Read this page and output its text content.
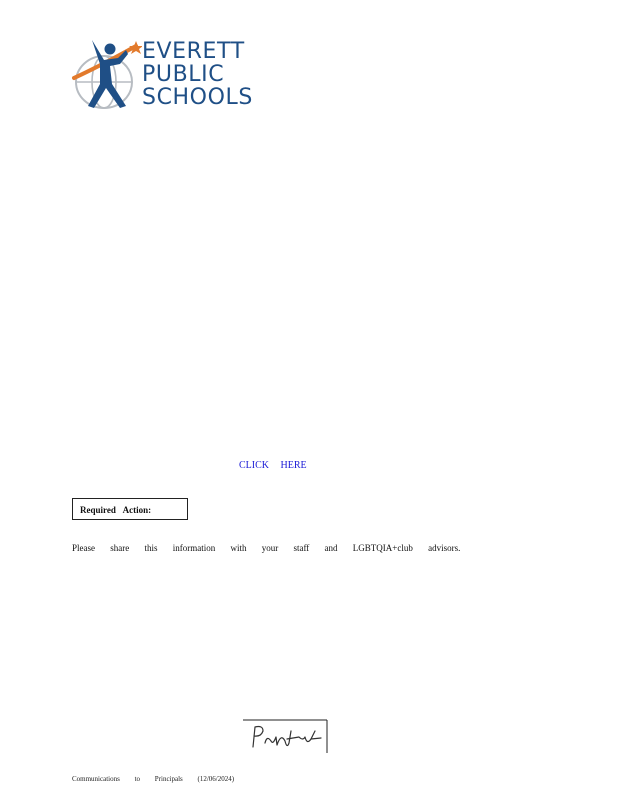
EVERETT
PUBLIC
SCHOOLS
CLICK HERE
Required Action:
Please share this information with your staff and LGBTQIA+club advisors.
Communications to Principals (12/06/2024)
